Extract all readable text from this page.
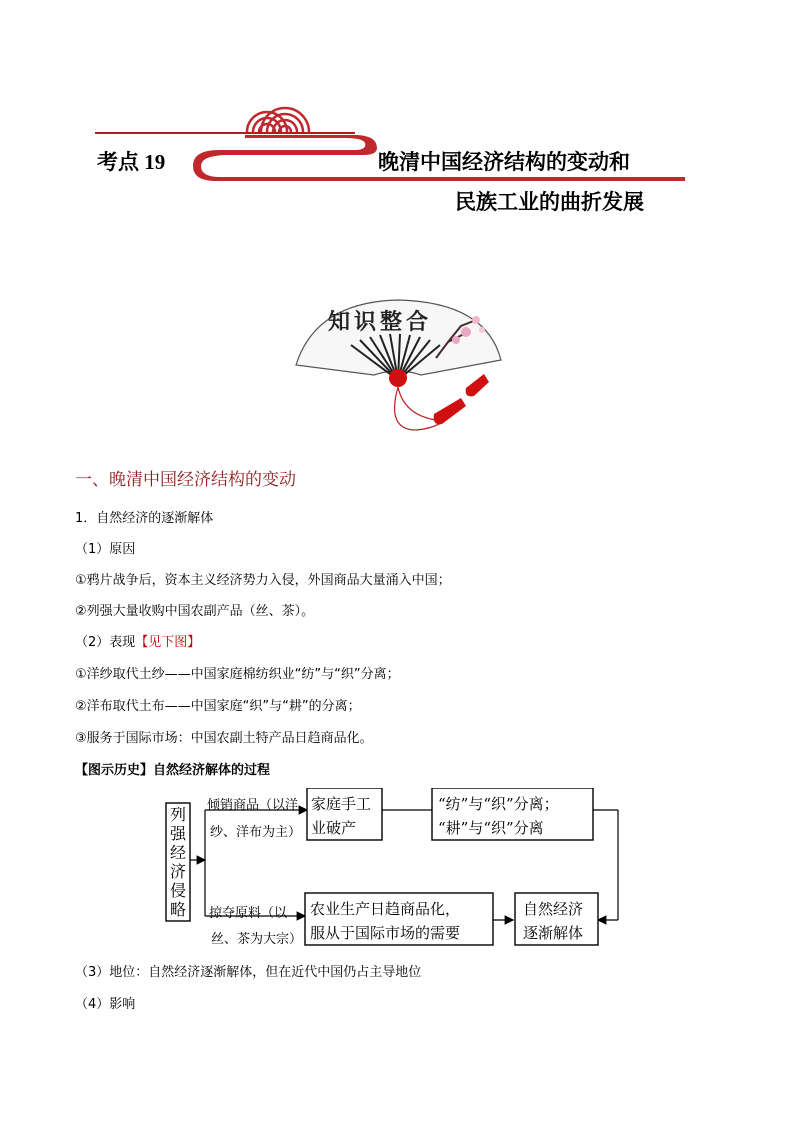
考点 19	晚清中国经济结构的变动和
民族工业的曲折发展
知识整合
一、晚清中国经济结构的变动
1．自然经济的逐渐解体
（1）原因
①鸦片战争后，资本主义经济势力入侵，外国商品大量涌入中国；
②列强大量收购中国农副产品（丝、茶）。
（2）表现【见下图】
①洋纱取代土纱——中国家庭棉纺织业“纺”与“织”分离；
②洋布取代土布——中国家庭“织”与“耕”的分离；
③服务于国际市场：中国农副土特产品日趋商品化。
【图示历史】自然经济解体的过程
列
强
经
济
侵
略
倾销商品（以洋
纱、洋布为主）
掠夺原料（以
丝、茶为大宗）
家庭手工
业破产
“纺”与“织”分离；
“耕”与“织”分离
农业生产日趋商品化，
服从于国际市场的需要
自然经济
逐渐解体
（3）地位：自然经济逐渐解体，但在近代中国仍占主导地位
（4）影响
